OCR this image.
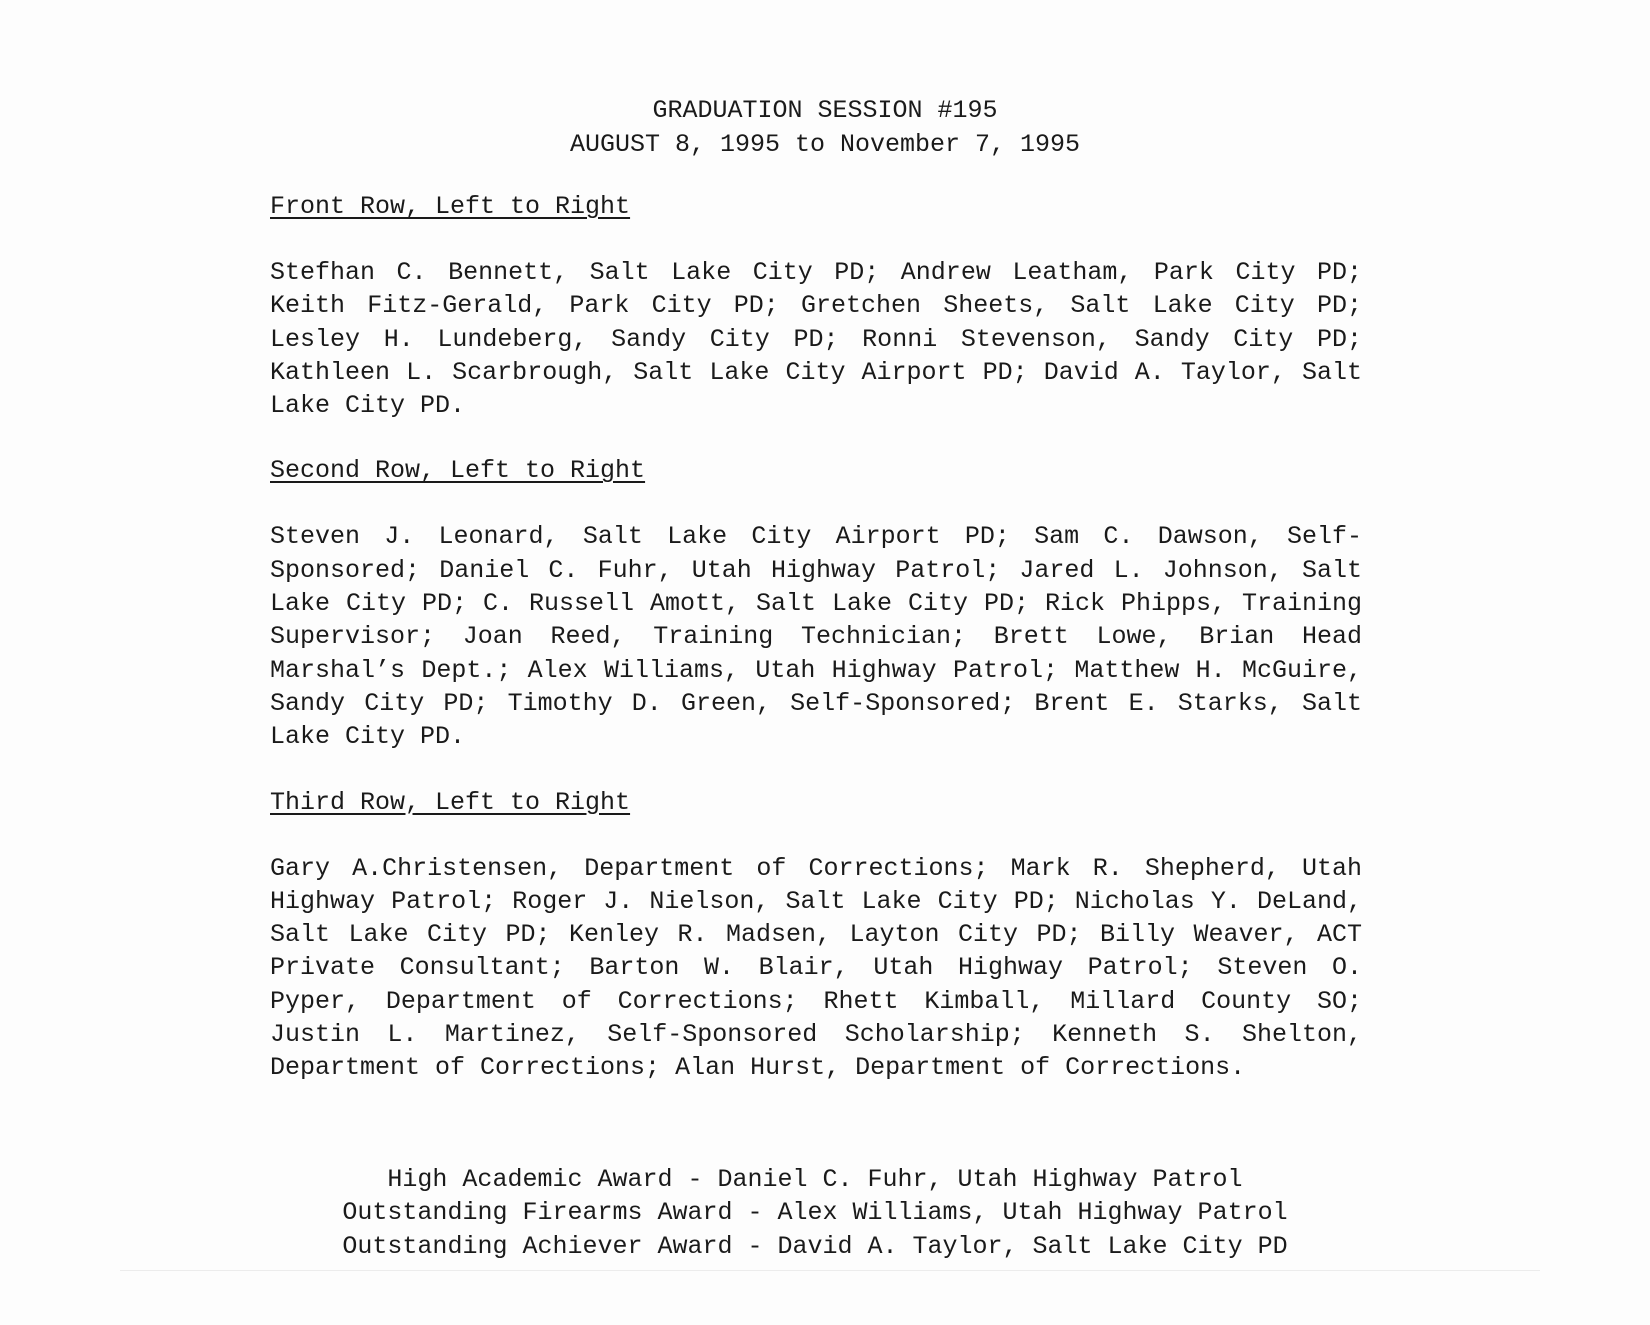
GRADUATION SESSION #195
AUGUST 8, 1995 to November 7, 1995
Front Row, Left to Right
Stefhan C. Bennett, Salt Lake City PD; Andrew Leatham, Park City PD; Keith Fitz-Gerald, Park City PD; Gretchen Sheets, Salt Lake City PD; Lesley H. Lundeberg, Sandy City PD; Ronni Stevenson, Sandy City PD; Kathleen L. Scarbrough, Salt Lake City Airport PD; David A. Taylor, Salt Lake City PD.
Second Row, Left to Right
Steven J. Leonard, Salt Lake City Airport PD; Sam C. Dawson, Self-Sponsored; Daniel C. Fuhr, Utah Highway Patrol; Jared L. Johnson, Salt Lake City PD; C. Russell Amott, Salt Lake City PD; Rick Phipps, Training Supervisor; Joan Reed, Training Technician; Brett Lowe, Brian Head Marshal’s Dept.; Alex Williams, Utah Highway Patrol; Matthew H. McGuire, Sandy City PD; Timothy D. Green, Self-Sponsored; Brent E. Starks, Salt Lake City PD.
Third Row, Left to Right
Gary A.Christensen, Department of Corrections; Mark R. Shepherd, Utah Highway Patrol; Roger J. Nielson, Salt Lake City PD; Nicholas Y. DeLand, Salt Lake City PD; Kenley R. Madsen, Layton City PD; Billy Weaver, ACT Private Consultant; Barton W. Blair, Utah Highway Patrol; Steven O. Pyper, Department of Corrections; Rhett Kimball, Millard County SO; Justin L. Martinez, Self-Sponsored Scholarship; Kenneth S. Shelton, Department of Corrections; Alan Hurst, Department of Corrections.
High Academic Award - Daniel C. Fuhr, Utah Highway Patrol
Outstanding Firearms Award - Alex Williams, Utah Highway Patrol
Outstanding Achiever Award - David A. Taylor, Salt Lake City PD
